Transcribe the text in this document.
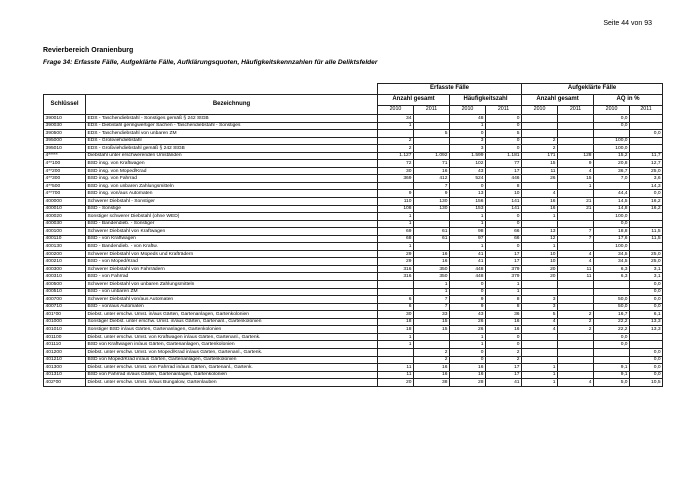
Seite 44 von 93
Revierbereich Oranienburg
Frage 34: Erfasste Fälle, Aufgeklärte Fälle, Aufklärungsquoten, Häufigkeitskennzahlen für alle Deliktsfelder
		Erfasste Fälle				Aufgeklärte Fälle			
Schlüssel	Bezeichnung	Anzahl gesamt		Häufigkeitszahl		Anzahl gesamt		AQ in %	
		2010	2011	2010	2011	2010	2011	2010	2011
390010	EDS - Taschendiebstahl - Sonstiges gemäß § 242 StGB	34		48	0			0,0	
390030	EDS - Diebstahl geringwertiger Sachen - Taschendiebstahl - Sonstiges	1		1	0			0,0	
390500	EDS - Taschendiebstahl von unbaren ZM		5	0	5				0,0
395000	EDS - Großviehdiebstahl	2		3	0	2		100,0	
395010	EDS - Großviehdiebstahl gemäß § 242 StGB	2		3	0	2		100,0	
4*****	Diebstahl unter erschwerenden Umständen	1.127	1.092	1.599	1.181	171	128	15,2	11,7
4**100	BSD insg. von Kraftwagen	72	71	102	77	15	9	20,8	12,7
4**200	BSD insg. von Moped/Krad	30	16	43	17	11	4	36,7	25,0
4**300	BSD insg. von Fahrrad	369	412	524	446	26	15	7,0	3,6
4**500	BSD insg. von unbaren Zahlungsmitteln		7	0	8		1		14,3
4**700	BSD insg. von/aus Automaten	9	9	13	10	4		44,4	0,0
400000	Schwerer Diebstahl - Sonstiger	110	130	156	141	16	21	14,5	16,2
400010	BSD - Sonstige	108	130	153	141	16	21	14,8	16,2
400020	Sonstiger schwerer Diebstahl (ohne WED)	1		1	0	1		100,0	
400030	BSD - Bandendieb. - Sonstiger	1		1	0			0,0	
400100	Schwerer Diebstahl von Kraftwagen	69	61	98	66	13	7	18,8	11,5
400110	BSD - von Kraftwagen	68	61	97	66	12	7	17,6	11,5
400130	BSD - Bandendieb. - von Kraftw.	1		1	0	1		100,0	
400200	Schwerer Diebstahl von Mopeds und Krafträdern	29	16	41	17	10	4	34,5	25,0
400210	BSD - von Moped/Krad	29	16	41	17	10	4	34,5	25,0
400300	Schwerer Diebstahl von Fahrrädern	316	350	448	379	20	11	6,3	3,1
400310	BSD - von Fahrrad	316	350	448	379	20	11	6,3	3,1
400500	Schwerer Diebstahl von unbaren Zahlungsmitteln		1	0	1				0,0
400510	BSD - von unbaren ZM		1	0	1				0,0
400700	Schwerer Diebstahl von/aus Automaten	6	7	9	8	3		50,0	0,0
400710	BSD - von/aus Automaten	6	7	9	8	3		50,0	0,0
401*00	Diebst. unter erschw. Umst. in/aus Gärten, Gartenanlagen, Gartenkolonien	30	33	43	36	5	2	16,7	6,1
401000	Sonstiger Diebst. unter erschw. Umst. in/aus Gärten, Gartenanl., Gartenkolonien	18	15	26	16	4	2	22,2	13,3
401010	Sonstiger BSD in/aus Gärten, Gartenanlagen, Gartenkolonien	18	15	26	16	4	2	22,2	13,3
401100	Diebst. unter erschw. Umst. von Kraftwagen in/aus Gärten, Gartenanl., Gartenk.	1		1	0			0,0	
401110	BSD von Kraftwagen in/aus Gärten, Gartenanlagen, Gartenkolonien	1		1	0			0,0	
401200	Diebst. unter erschw. Umst. von Moped/Krad in/aus Gärten, Gartenanl., Gartenk.		2	0	2				0,0
401210	BSD von Moped/Krad in/aus Gärten, Gartenanlagen, Gartenkolonien		2	0	2				0,0
401300	Diebst. unter erschw. Umst. von Fahrrad in/aus Gärten, Gartenanl., Gartenk.	11	16	16	17	1		9,1	0,0
401310	BSD von Fahrrad in/aus Gärten, Gartenanlagen, Gartenkolonien	11	16	16	17	1		9,1	0,0
402*00	Diebst. unter erschw. Umst. in/aus Bungalow, Gartenlauben	20	38	28	41	1	4	5,0	10,5
